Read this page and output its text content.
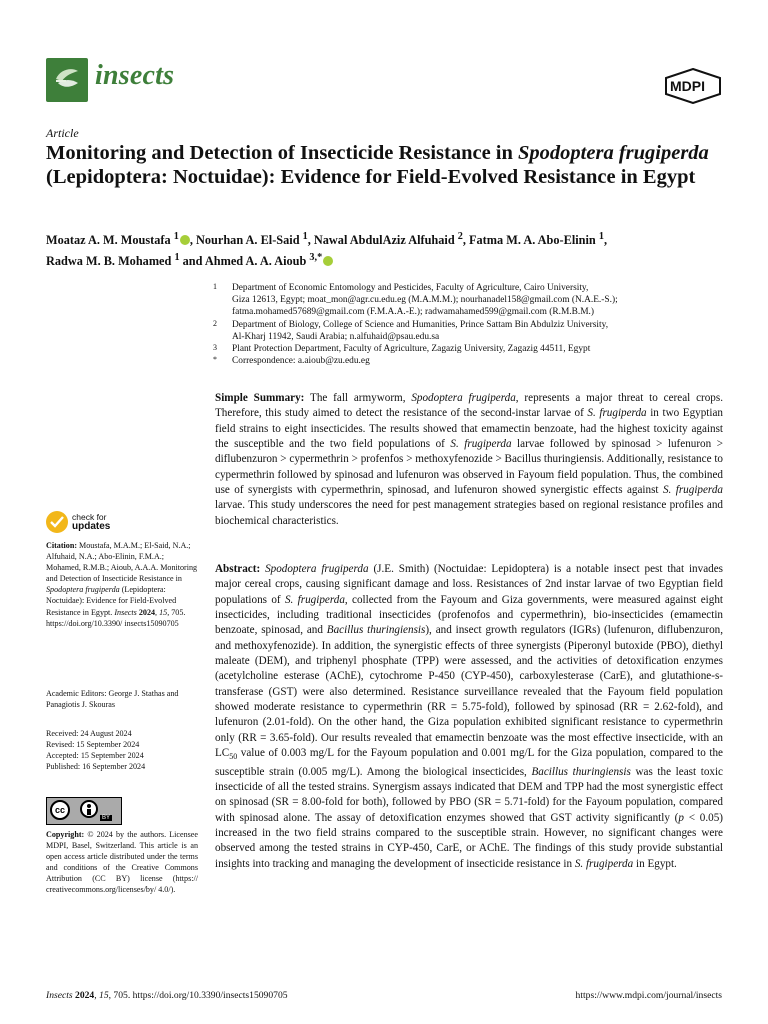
insects	MDPI
Article
Monitoring and Detection of Insecticide Resistance in Spodoptera frugiperda (Lepidoptera: Noctuidae): Evidence for Field-Evolved Resistance in Egypt
Moataz A. M. Moustafa $^1$ , Nourhan A. El-Said $^1$, Nawal AbdulAziz Alfuhaid $^2$, Fatma M. A. Abo-Elinin $^1$,
Radwa M. B. Mohamed $^1$ and Ahmed A. A. Aioub $^{3,*}$
1 Department of Economic Entomology and Pesticides, Faculty of Agriculture, Cairo University,
Giza 12613, Egypt; moat_mon@agr.cu.edu.eg (M.A.M.M.); nourhanadel158@gmail.com (N.A.E.-S.);
fatma.mohamed57689@gmail.com (F.M.A.A.-E.); radwamahamed599@gmail.com (R.M.B.M.)
2 Department of Biology, College of Science and Humanities, Prince Sattam Bin Abdulziz University,
Al-Kharj 11942, Saudi Arabia; n.alfuhaid@psau.edu.sa
3 Plant Protection Department, Faculty of Agriculture, Zagazig University, Zagazig 44511, Egypt
* Correspondence: a.aioub@zu.edu.eg
Simple Summary: The fall armyworm, Spodoptera frugiperda, represents a major threat to cereal crops. Therefore, this study aimed to detect the resistance of the second-instar larvae of S. frugiperda in two Egyptian field strains to eight insecticides. The results showed that emamectin benzoate, had the highest toxicity against the susceptible and the two field populations of S. frugiperda larvae followed by spinosad > lufenuron > diflubenzuron > cypermethrin > profenfos > methoxyfenozide > Bacillus thuringiensis. Additionally, resistance to cypermethrin followed by spinosad and lufenuron was observed in Fayoum field population. Thus, the combined use of synergists with cypermethrin, spinosad, and lufenuron showed synergistic effects against S. frugiperda larvae. This study underscores the need for pest management strategies based on regional resistance profiles and biochemical characteristics.
Abstract: Spodoptera frugiperda (J.E. Smith) (Noctuidae: Lepidoptera) is a notable insect pest that invades major cereal crops, causing significant damage and loss. Resistances of 2nd instar larvae of two Egyptian field populations of S. frugiperda, collected from the Fayoum and Giza governments, were measured against eight insecticides, including traditional insecticides (profenofos and cypermethrin), bio-insecticides (emamectin benzoate, spinosad, and Bacillus thuringiensis), and insect growth regulators (IGRs) (lufenuron, diflubenzuron, and methoxyfenozide). In addition, the synergistic effects of three synergists (Piperonyl butoxide (PBO), diethyl maleate (DEM), and triphenyl phosphate (TPP) were assessed, and the activities of detoxification enzymes (acetylcholine esterase (AChE), cytochrome P-450 (CYP-450), carboxylesterase (CarE), and glutathione-s-transferase (GST) were also determined. Resistance surveillance revealed that the Fayoum field population showed moderate resistance to cypermethrin (RR = 5.75-fold), followed by spinosad (RR = 2.62-fold), and lufenuron (2.01-fold). On the other hand, the Giza population exhibited significant resistance to cypermethrin only (RR = 3.65-fold). Our results revealed that emamectin benzoate was the most effective insecticide, with an $LC_{50}$ value of 0.003 mg/L for the Fayoum population and 0.001 mg/L for the Giza population, compared to the susceptible strain (0.005 mg/L). Among the biological insecticides, Bacillus thuringiensis was the least toxic insecticide of all the tested strains. Synergism assays indicated that DEM and TPP had the most synergistic effect on spinosad (SR = 8.00-fold for both), followed by PBO (SR = 5.71-fold) for the Fayoum population, compared with spinosad alone. The assay of detoxification enzymes showed that GST activity significantly (p < 0.05) increased in the two field strains compared to the susceptible strain. However, no significant changes were observed among the tested strains in CYP-450, CarE, or AChE. The findings of this study provide substantial insights into tracking and managing the development of insecticide resistance in S. frugiperda in Egypt.
check for
updates
Citation: Moustafa, M.A.M.; El-Said, N.A.; Alfuhaid, N.A.; Abo-Elinin, F.M.A.; Mohamed, R.M.B.; Aioub, A.A.A. Monitoring and Detection of Insecticide Resistance in Spodoptera frugiperda (Lepidoptera: Noctuidae): Evidence for Field-Evolved Resistance in Egypt. Insects 2024, 15, 705. https://doi.org/10.3390/ insects15090705
Academic Editors: George J. Stathas and Panagiotis J. Skouras
Received: 24 August 2024
Revised: 15 September 2024
Accepted: 15 September 2024
Published: 16 September 2024
cc
BY
Copyright: © 2024 by the authors. Licensee MDPI, Basel, Switzerland. This article is an open access article distributed under the terms and conditions of the Creative Commons Attribution (CC BY) license (https:// creativecommons.org/licenses/by/ 4.0/).
Insects 2024, 15, 705. https://doi.org/10.3390/insects15090705	https://www.mdpi.com/journal/insects
